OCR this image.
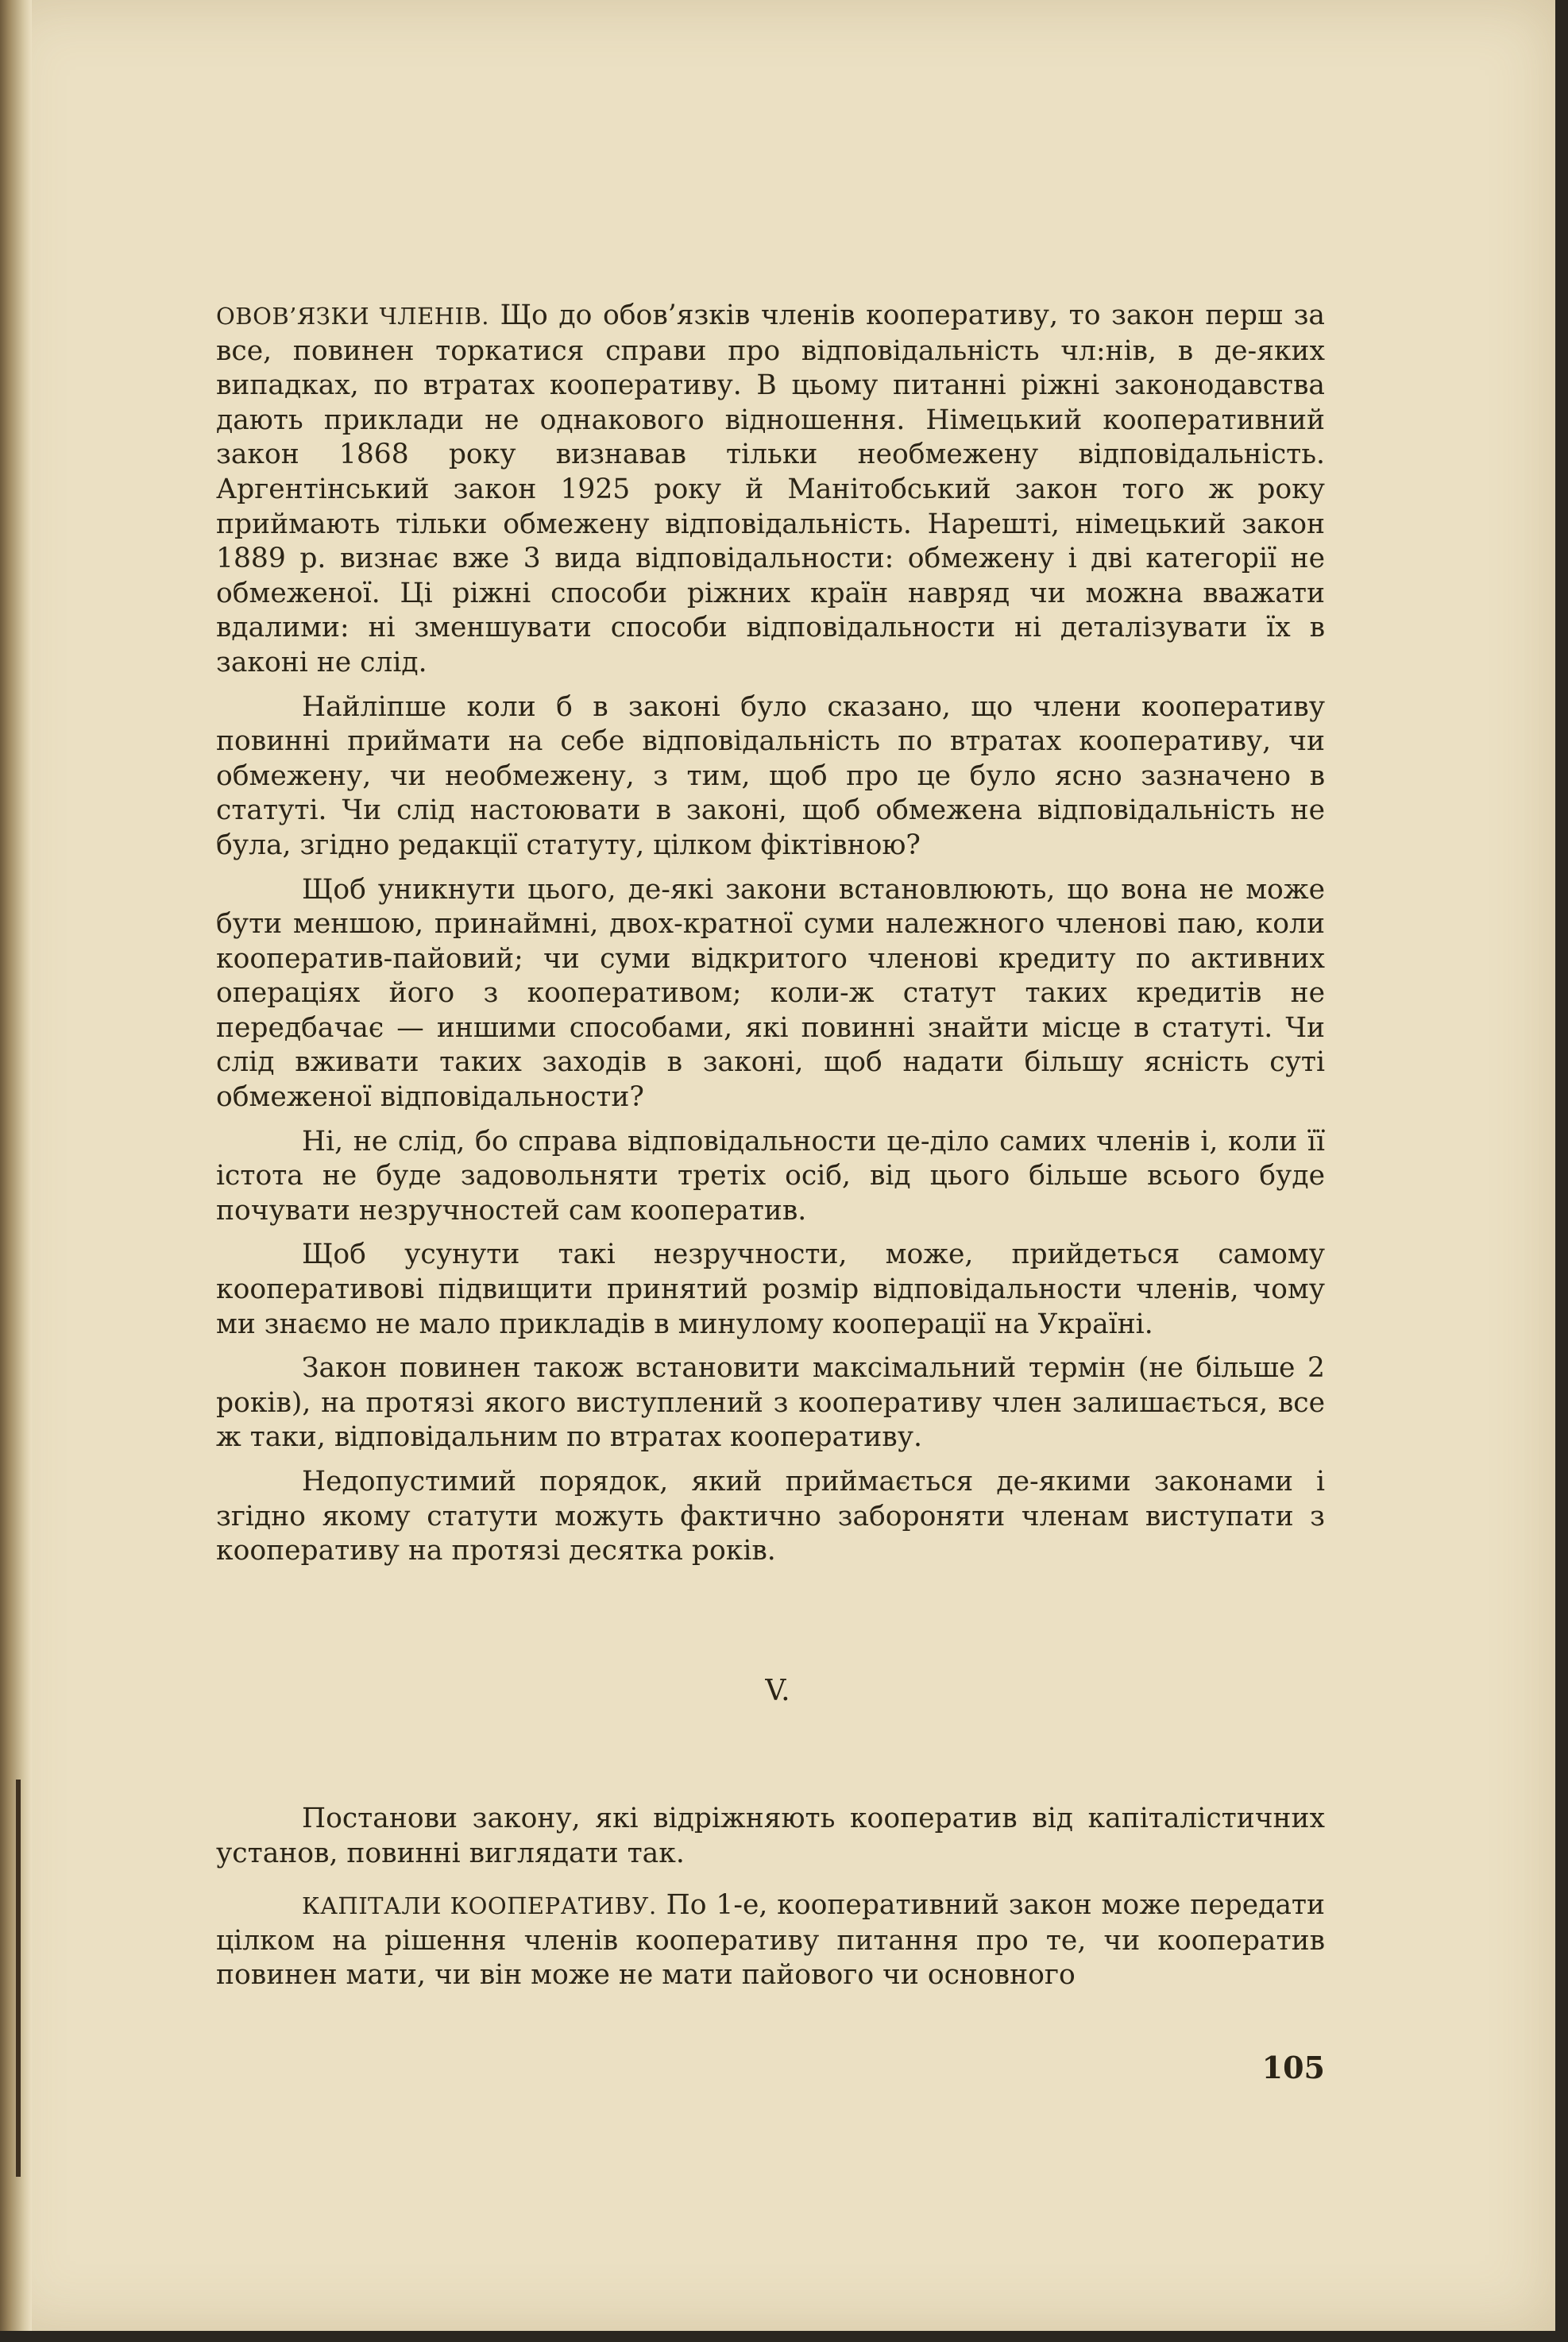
ОВОВ’ЯЗКИ ЧЛЕНІВ. Що до обов’язків членів кооперативу, то закон перш за все, повинен торкатися справи про відповідальність чл:нів, в де-яких випадках, по втратах кооперативу. В цьому питанні ріжні законодавства дають приклади не однакового відношення. Німецький кооперативний закон 1868 року визнавав тільки необмежену відповідальність. Аргентінський закон 1925 року й Манітобський закон того ж року приймають тільки обмежену відповідальність. Нарешті, німецький закон 1889 р. визнає вже 3 вида відповідальности: обмежену і дві категорії не обмеженої. Ці ріжні способи ріжних країн навряд чи можна вважати вдалими: ні зменшувати способи відповідальности ні деталізувати їх в законі не слід.

Найліпше коли б в законі було сказано, що члени кооперативу повинні приймати на себе відповідальність по втратах кооперативу, чи обмежену, чи необмежену, з тим, щоб про це було ясно зазначено в статуті. Чи слід настоювати в законі, щоб обмежена відповідальність не була, згідно редакції статуту, цілком фіктівною?

Щоб уникнути цього, де-які закони встановлюють, що вона не може бути меншою, принаймні, двох-кратної суми належного членові паю, коли кооператив-пайовий; чи суми відкритого членові кредиту по активних операціях його з кооперативом; коли-ж статут таких кредитів не передбачає — иншими способами, які повинні знайти місце в статуті. Чи слід вживати таких заходів в законі, щоб надати більшу ясність суті обмеженої відповідальности?

Ні, не слід, бо справа відповідальности це-діло самих членів і, коли її істота не буде задовольняти третіх осіб, від цього більше всього буде почувати незручностей сам кооператив.

Щоб усунути такі незручности, може, прийдеться самому кооперативові підвищити принятий розмір відповідальности членів, чому ми знаємо не мало прикладів в минулому кооперації на Україні.

Закон повинен також встановити максімальний термін (не більше 2 років), на протязі якого виступлений з кооперативу член залишається, все ж таки, відповідальним по втратах кооперативу.

Недопустимий порядок, який приймається де-якими законами і згідно якому статути можуть фактично забороняти членам виступати з кооперативу на протязі десятка років.

V.

Постанови закону, які відріжняють кооператив від капіталістичних установ, повинні виглядати так.

КАПІТАЛИ КООПЕРАТИВУ. По 1-е, кооперативний закон може передати цілком на рішення членів кооперативу питання про те, чи кооператив повинен мати, чи він може не мати пайового чи основного

105
